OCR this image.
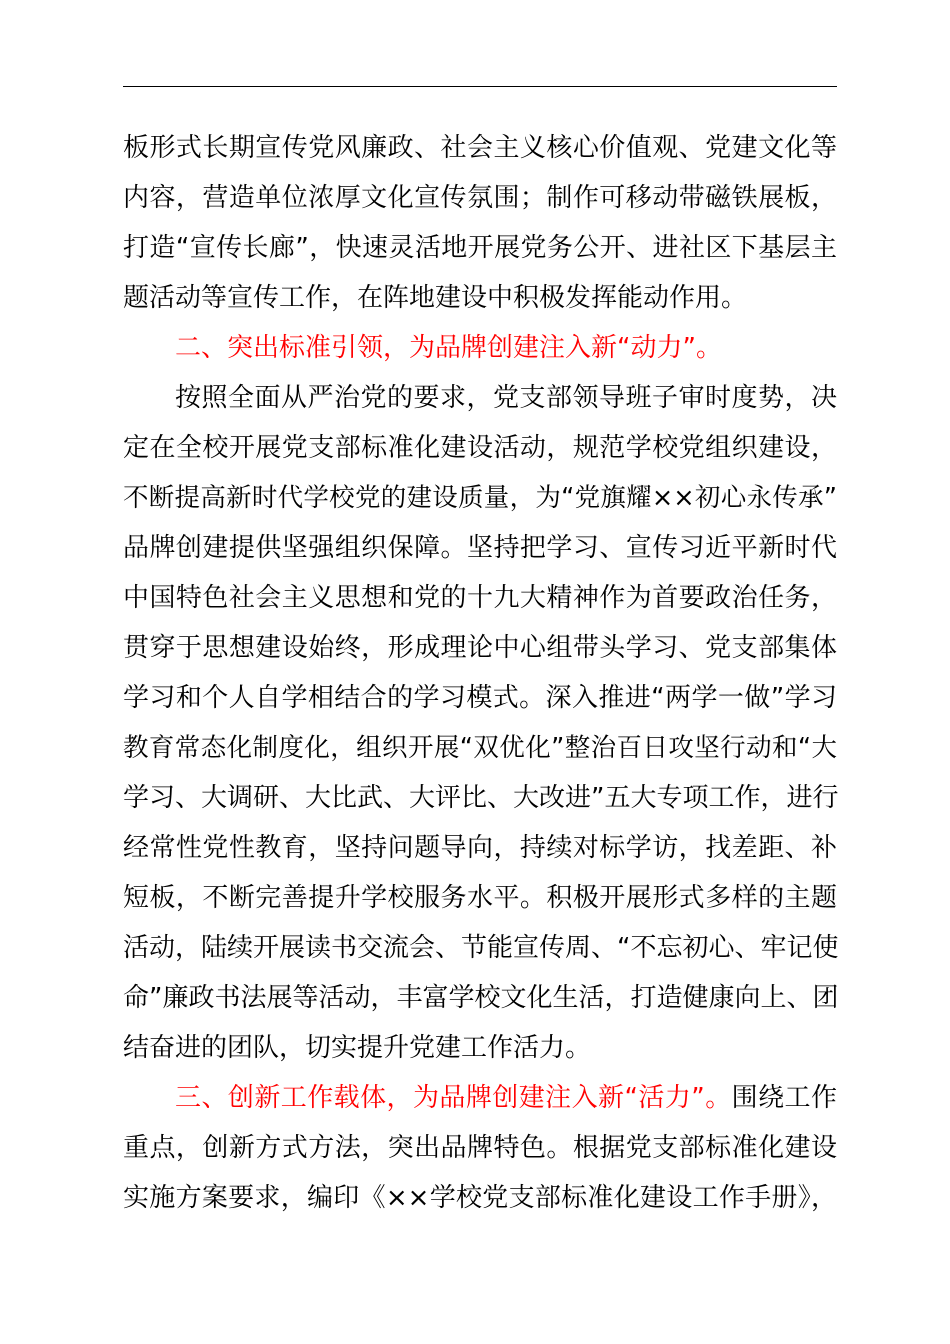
板形式长期宣传党风廉政、社会主义核心价值观、党建文化等
内容，营造单位浓厚文化宣传氛围；制作可移动带磁铁展板，
打造“宣传长廊”，快速灵活地开展党务公开、进社区下基层主
题活动等宣传工作，在阵地建设中积极发挥能动作用。
二、突出标准引领，为品牌创建注入新“动力”。
按照全面从严治党的要求，党支部领导班子审时度势，决
定在全校开展党支部标准化建设活动，规范学校党组织建设，
不断提高新时代学校党的建设质量，为“党旗耀××初心永传承”
品牌创建提供坚强组织保障。坚持把学习、宣传习近平新时代
中国特色社会主义思想和党的十九大精神作为首要政治任务，
贯穿于思想建设始终，形成理论中心组带头学习、党支部集体
学习和个人自学相结合的学习模式。深入推进“两学一做”学习
教育常态化制度化，组织开展“双优化”整治百日攻坚行动和“大
学习、大调研、大比武、大评比、大改进”五大专项工作，进行
经常性党性教育，坚持问题导向，持续对标学访，找差距、补
短板，不断完善提升学校服务水平。积极开展形式多样的主题
活动，陆续开展读书交流会、节能宣传周、“不忘初心、牢记使
命”廉政书法展等活动，丰富学校文化生活，打造健康向上、团
结奋进的团队，切实提升党建工作活力。
三、创新工作载体，为品牌创建注入新“活力”。围绕工作
重点，创新方式方法，突出品牌特色。根据党支部标准化建设
实施方案要求，编印《××学校党支部标准化建设工作手册》，
